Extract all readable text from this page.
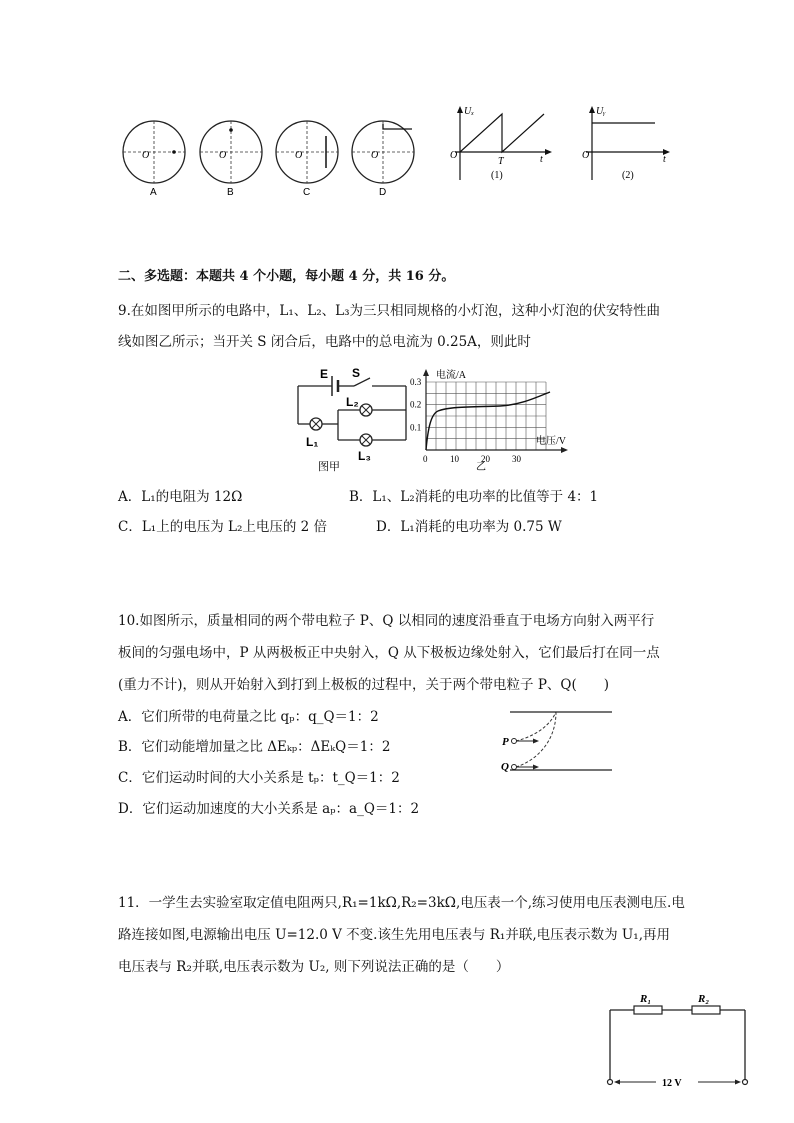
O
A
O
B
O
C
O
D
Uₓ
O
T	t
(1)
Uᵧ
O	t
(2)
二、多选题：本题共 4 个小题，每小题 4 分，共 16 分。
9.在如图甲所示的电路中，L₁、L₂、L₃为三只相同规格的小灯泡，这种小灯泡的伏安特性曲
线如图乙所示；当开关 S 闭合后，电路中的总电流为 0.25A，则此时
E S
L₂
L₁
L₃
图甲
电流/A
电压/V
乙
0.1
0.2
0.3
0	10 20 30
A．L₁的电阻为 12Ω	B．L₁、L₂消耗的电功率的比值等于 4：1
C．L₁上的电压为 L₂上电压的 2 倍	D．L₁消耗的电功率为 0.75 W
10.如图所示，质量相同的两个带电粒子 P、Q 以相同的速度沿垂直于电场方向射入两平行
板间的匀强电场中，P 从两极板正中央射入，Q 从下极板边缘处射入，它们最后打在同一点
(重力不计)，则从开始射入到打到上极板的过程中，关于两个带电粒子 P、Q(　　)
A．它们所带的电荷量之比 qₚ：q_Q＝1：2
B．它们动能增加量之比 ΔEₖₚ：ΔEₖQ＝1：2
C．它们运动时间的大小关系是 tₚ：t_Q＝1：2
D．它们运动加速度的大小关系是 aₚ：a_Q＝1：2
P
Q
11．一学生去实验室取定值电阻两只,R₁=1kΩ,R₂=3kΩ,电压表一个,练习使用电压表测电压.电
路连接如图,电源输出电压 U=12.0 V 不变.该生先用电压表与 R₁并联,电压表示数为 U₁,再用
电压表与 R₂并联,电压表示数为 U₂, 则下列说法正确的是（　　）
R₁	R₂
12 V
